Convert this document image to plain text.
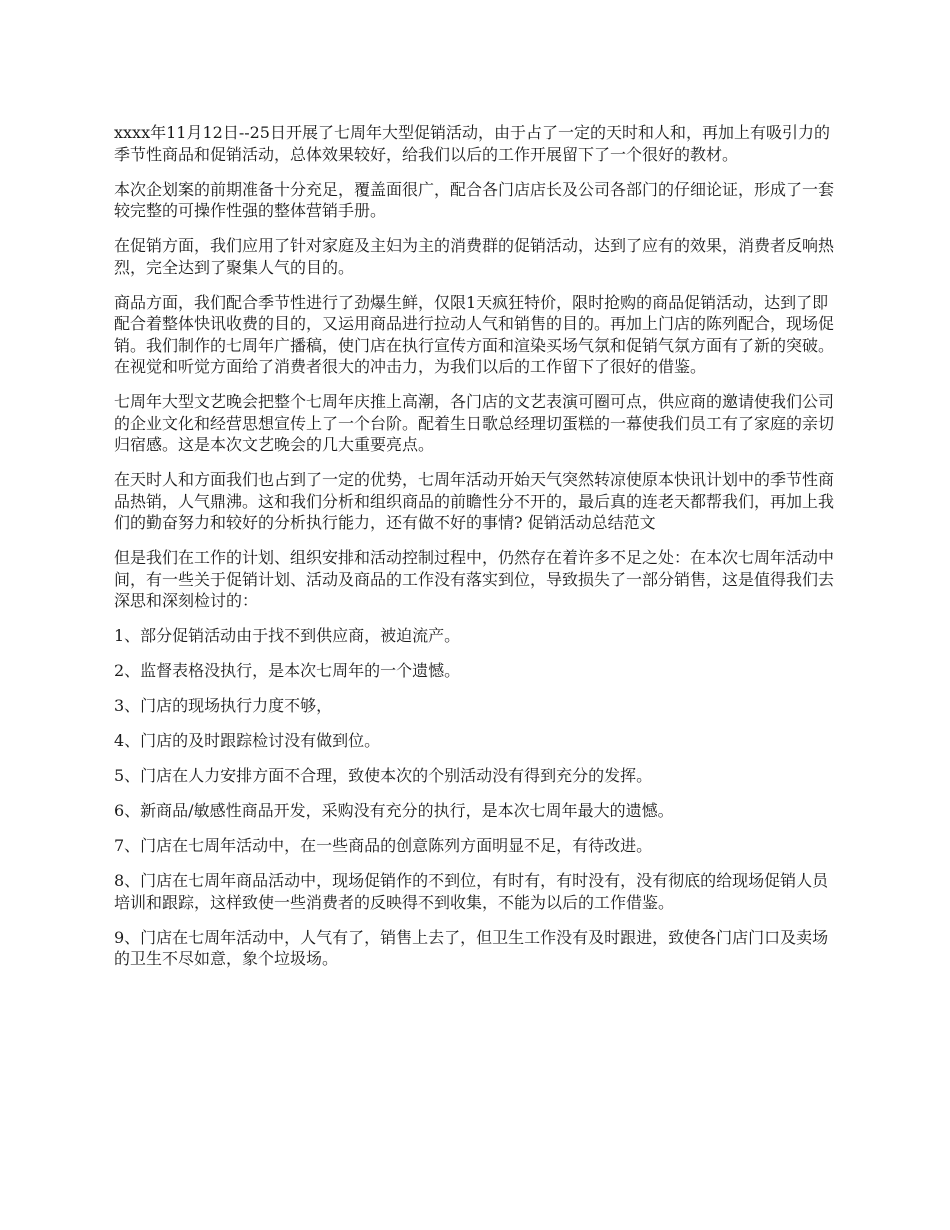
xxxx年11月12日--25日开展了七周年大型促销活动，由于占了一定的天时和人和，再加上有吸引力的季节性商品和促销活动，总体效果较好，给我们以后的工作开展留下了一个很好的教材。

本次企划案的前期准备十分充足，覆盖面很广，配合各门店店长及公司各部门的仔细论证，形成了一套较完整的可操作性强的整体营销手册。

在促销方面，我们应用了针对家庭及主妇为主的消费群的促销活动，达到了应有的效果，消费者反响热烈，完全达到了聚集人气的目的。

商品方面，我们配合季节性进行了劲爆生鲜，仅限1天疯狂特价，限时抢购的商品促销活动，达到了即配合着整体快讯收费的目的，又运用商品进行拉动人气和销售的目的。再加上门店的陈列配合，现场促销。我们制作的七周年广播稿，使门店在执行宣传方面和渲染买场气氛和促销气氛方面有了新的突破。在视觉和听觉方面给了消费者很大的冲击力，为我们以后的工作留下了很好的借鉴。

七周年大型文艺晚会把整个七周年庆推上高潮，各门店的文艺表演可圈可点，供应商的邀请使我们公司的企业文化和经营思想宣传上了一个台阶。配着生日歌总经理切蛋糕的一幕使我们员工有了家庭的亲切归宿感。这是本次文艺晚会的几大重要亮点。

在天时人和方面我们也占到了一定的优势，七周年活动开始天气突然转凉使原本快讯计划中的季节性商品热销，人气鼎沸。这和我们分析和组织商品的前瞻性分不开的，最后真的连老天都帮我们，再加上我们的勤奋努力和较好的分析执行能力，还有做不好的事情? 促销活动总结范文

但是我们在工作的计划、组织安排和活动控制过程中，仍然存在着许多不足之处：在本次七周年活动中间，有一些关于促销计划、活动及商品的工作没有落实到位，导致损失了一部分销售，这是值得我们去深思和深刻检讨的：

1、部分促销活动由于找不到供应商，被迫流产。

2、监督表格没执行，是本次七周年的一个遗憾。

3、门店的现场执行力度不够，

4、门店的及时跟踪检讨没有做到位。

5、门店在人力安排方面不合理，致使本次的个别活动没有得到充分的发挥。

6、新商品/敏感性商品开发，采购没有充分的执行，是本次七周年最大的遗憾。

7、门店在七周年活动中，在一些商品的创意陈列方面明显不足，有待改进。

8、门店在七周年商品活动中，现场促销作的不到位，有时有，有时没有，没有彻底的给现场促销人员培训和跟踪，这样致使一些消费者的反映得不到收集，不能为以后的工作借鉴。

9、门店在七周年活动中，人气有了，销售上去了，但卫生工作没有及时跟进，致使各门店门口及卖场的卫生不尽如意，象个垃圾场。
